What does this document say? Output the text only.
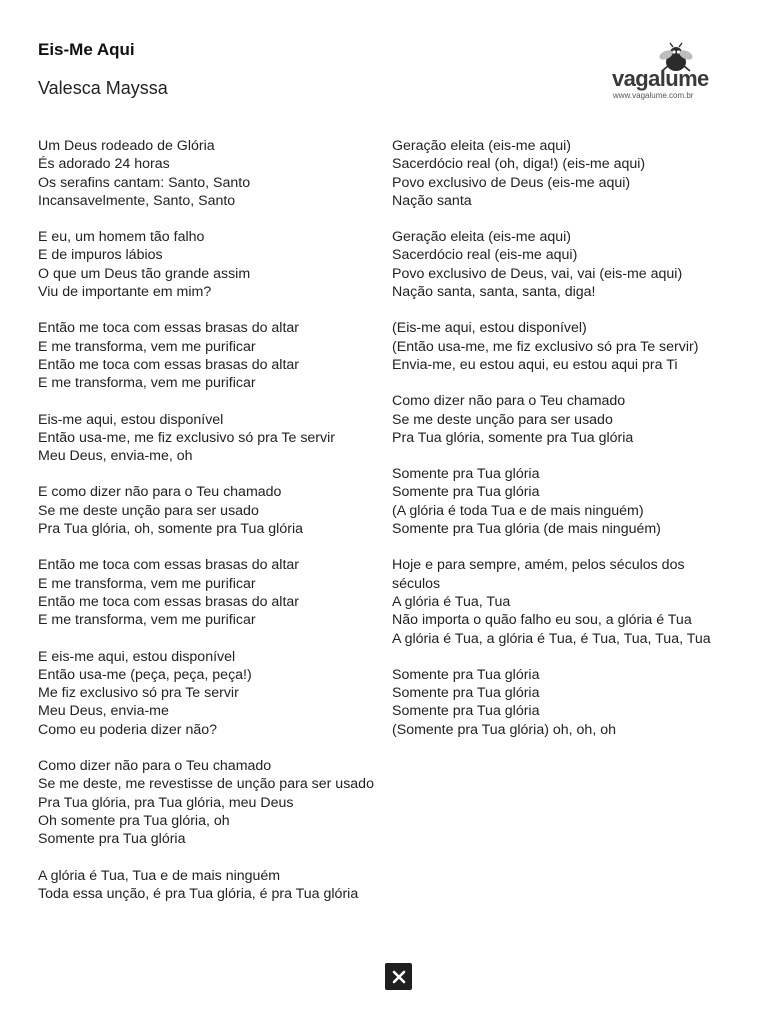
Eis-Me Aqui
Valesca Mayssa	vagalume
www.vagalume.com.br
Um Deus rodeado de Glória
És adorado 24 horas
Os serafins cantam: Santo, Santo
Incansavelmente, Santo, Santo
E eu, um homem tão falho
E de impuros lábios
O que um Deus tão grande assim
Viu de importante em mim?
Então me toca com essas brasas do altar
E me transforma, vem me purificar
Então me toca com essas brasas do altar
E me transforma, vem me purificar
Eis-me aqui, estou disponível
Então usa-me, me fiz exclusivo só pra Te servir
Meu Deus, envia-me, oh
E como dizer não para o Teu chamado
Se me deste unção para ser usado
Pra Tua glória, oh, somente pra Tua glória
Então me toca com essas brasas do altar
E me transforma, vem me purificar
Então me toca com essas brasas do altar
E me transforma, vem me purificar
E eis-me aqui, estou disponível
Então usa-me (peça, peça, peça!)
Me fiz exclusivo só pra Te servir
Meu Deus, envia-me
Como eu poderia dizer não?
Como dizer não para o Teu chamado
Se me deste, me revestisse de unção para ser usado
Pra Tua glória, pra Tua glória, meu Deus
Oh somente pra Tua glória, oh
Somente pra Tua glória
A glória é Tua, Tua e de mais ninguém
Toda essa unção, é pra Tua glória, é pra Tua glória
Geração eleita (eis-me aqui)
Sacerdócio real (oh, diga!) (eis-me aqui)
Povo exclusivo de Deus (eis-me aqui)
Nação santa
Geração eleita (eis-me aqui)
Sacerdócio real (eis-me aqui)
Povo exclusivo de Deus, vai, vai (eis-me aqui)
Nação santa, santa, santa, diga!
(Eis-me aqui, estou disponível)
(Então usa-me, me fiz exclusivo só pra Te servir)
Envia-me, eu estou aqui, eu estou aqui pra Ti
Como dizer não para o Teu chamado
Se me deste unção para ser usado
Pra Tua glória, somente pra Tua glória
Somente pra Tua glória
Somente pra Tua glória
(A glória é toda Tua e de mais ninguém)
Somente pra Tua glória (de mais ninguém)
Hoje e para sempre, amém, pelos séculos dos séculos
A glória é Tua, Tua
Não importa o quão falho eu sou, a glória é Tua
A glória é Tua, a glória é Tua, é Tua, Tua, Tua, Tua
Somente pra Tua glória
Somente pra Tua glória
Somente pra Tua glória
(Somente pra Tua glória) oh, oh, oh
